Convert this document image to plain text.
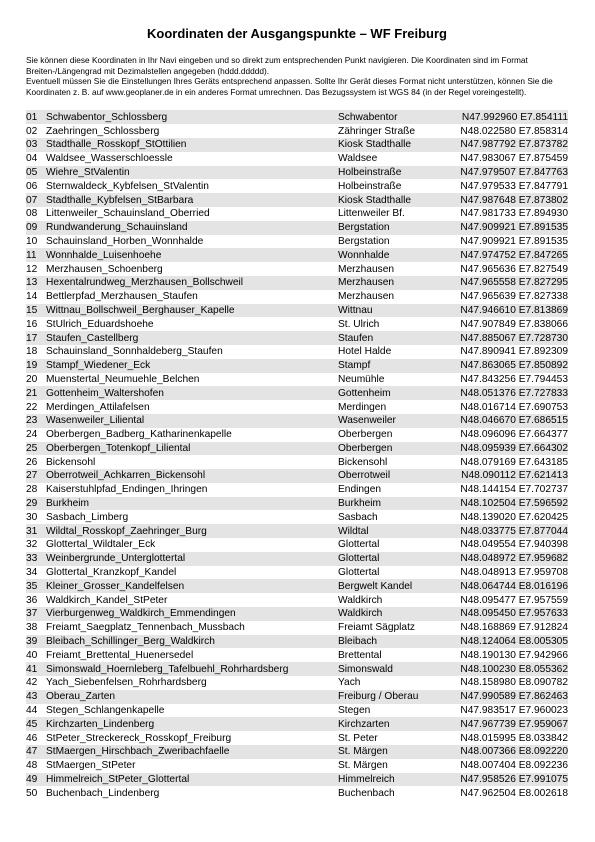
Koordinaten der Ausgangspunkte – WF Freiburg

Sie können diese Koordinaten in Ihr Navi eingeben und so direkt zum entsprechenden Punkt navigieren. Die Koordinaten sind im Format Breiten-/Längengrad mit Dezimalstellen angegeben (hddd.ddddd).

Eventuell müssen Sie die Einstellungen Ihres Geräts entsprechend anpassen. Sollte Ihr Gerät dieses Format nicht unterstützen, können Sie die Koordinaten z. B. auf www.geoplaner.de in ein anderes Format umrechnen. Das Bezugssystem ist WGS 84 (in der Regel voreingestellt).

01	Schwabentor_Schlossberg	Schwabentor	N47.992960 E7.854111
02	Zaehringen_Schlossberg	Zähringer Straße	N48.022580 E7.858314
03	Stadthalle_Rosskopf_StOttilien	Kiosk Stadthalle	N47.987792 E7.873782
04	Waldsee_Wasserschloessle	Waldsee	N47.983067 E7.875459
05	Wiehre_StValentin	Holbeinstraße	N47.979507 E7.847763
06	Sternwaldeck_Kybfelsen_StValentin	Holbeinstraße	N47.979533 E7.847791
07	Stadthalle_Kybfelsen_StBarbara	Kiosk Stadthalle	N47.987648 E7.873802
08	Littenweiler_Schauinsland_Oberried	Littenweiler Bf.	N47.981733 E7.894930
09	Rundwanderung_Schauinsland	Bergstation	N47.909921 E7.891535
10	Schauinsland_Horben_Wonnhalde	Bergstation	N47.909921 E7.891535
11	Wonnhalde_Luisenhoehe	Wonnhalde	N47.974752 E7.847265
12	Merzhausen_Schoenberg	Merzhausen	N47.965636 E7.827549
13	Hexentalrundweg_Merzhausen_Bollschweil	Merzhausen	N47.965558 E7.827295
14	Bettlerpfad_Merzhausen_Staufen	Merzhausen	N47.965639 E7.827338
15	Wittnau_Bollschweil_Berghauser_Kapelle	Wittnau	N47.946610 E7.813869
16	StUlrich_Eduardshoehe	St. Ulrich	N47.907849 E7.838066
17	Staufen_Castellberg	Staufen	N47.885067 E7.728730
18	Schauinsland_Sonnhaldeberg_Staufen	Hotel Halde	N47.890941 E7.892309
19	Stampf_Wiedener_Eck	Stampf	N47.863065 E7.850892
20	Muenstertal_Neumuehle_Belchen	Neumühle	N47.843256 E7.794453
21	Gottenheim_Waltershofen	Gottenheim	N48.051376 E7.727833
22	Merdingen_Attilafelsen	Merdingen	N48.016714 E7.690753
23	Wasenweiler_Liliental	Wasenweiler	N48.046670 E7.686515
24	Oberbergen_Badberg_Katharinenkapelle	Oberbergen	N48.096096 E7.664377
25	Oberbergen_Totenkopf_Liliental	Oberbergen	N48.095939 E7.664302
26	Bickensohl	Bickensohl	N48.079169 E7.643185
27	Oberrotweil_Achkarren_Bickensohl	Oberrotweil	N48.090112 E7.621413
28	Kaiserstuhlpfad_Endingen_Ihringen	Endingen	N48.144154 E7.702737
29	Burkheim	Burkheim	N48.102504 E7.596592
30	Sasbach_Limberg	Sasbach	N48.139020 E7.620425
31	Wildtal_Rosskopf_Zaehringer_Burg	Wildtal	N48.033775 E7.877044
32	Glottertal_Wildtaler_Eck	Glottertal	N48.049554 E7.940398
33	Weinbergrunde_Unterglottertal	Glottertal	N48.048972 E7.959682
34	Glottertal_Kranzkopf_Kandel	Glottertal	N48.048913 E7.959708
35	Kleiner_Grosser_Kandelfelsen	Bergwelt Kandel	N48.064744 E8.016196
36	Waldkirch_Kandel_StPeter	Waldkirch	N48.095477 E7.957559
37	Vierburgenweg_Waldkirch_Emmendingen	Waldkirch	N48.095450 E7.957633
38	Freiamt_Saegplatz_Tennenbach_Mussbach	Freiamt Sägplatz	N48.168869 E7.912824
39	Bleibach_Schillinger_Berg_Waldkirch	Bleibach	N48.124064 E8.005305
40	Freiamt_Brettental_Huenersedel	Brettental	N48.190130 E7.942966
41	Simonswald_Hoernleberg_Tafelbuehl_Rohrhardsberg	Simonswald	N48.100230 E8.055362
42	Yach_Siebenfelsen_Rohrhardsberg	Yach	N48.158980 E8.090782
43	Oberau_Zarten	Freiburg / Oberau	N47.990589 E7.862463
44	Stegen_Schlangenkapelle	Stegen	N47.983517 E7.960023
45	Kirchzarten_Lindenberg	Kirchzarten	N47.967739 E7.959067
46	StPeter_Streckereck_Rosskopf_Freiburg	St. Peter	N48.015995 E8.033842
47	StMaergen_Hirschbach_Zweribachfaelle	St. Märgen	N48.007366 E8.092220
48	StMaergen_StPeter	St. Märgen	N48.007404 E8.092236
49	Himmelreich_StPeter_Glottertal	Himmelreich	N47.958526 E7.991075
50	Buchenbach_Lindenberg	Buchenbach	N47.962504 E8.002618
